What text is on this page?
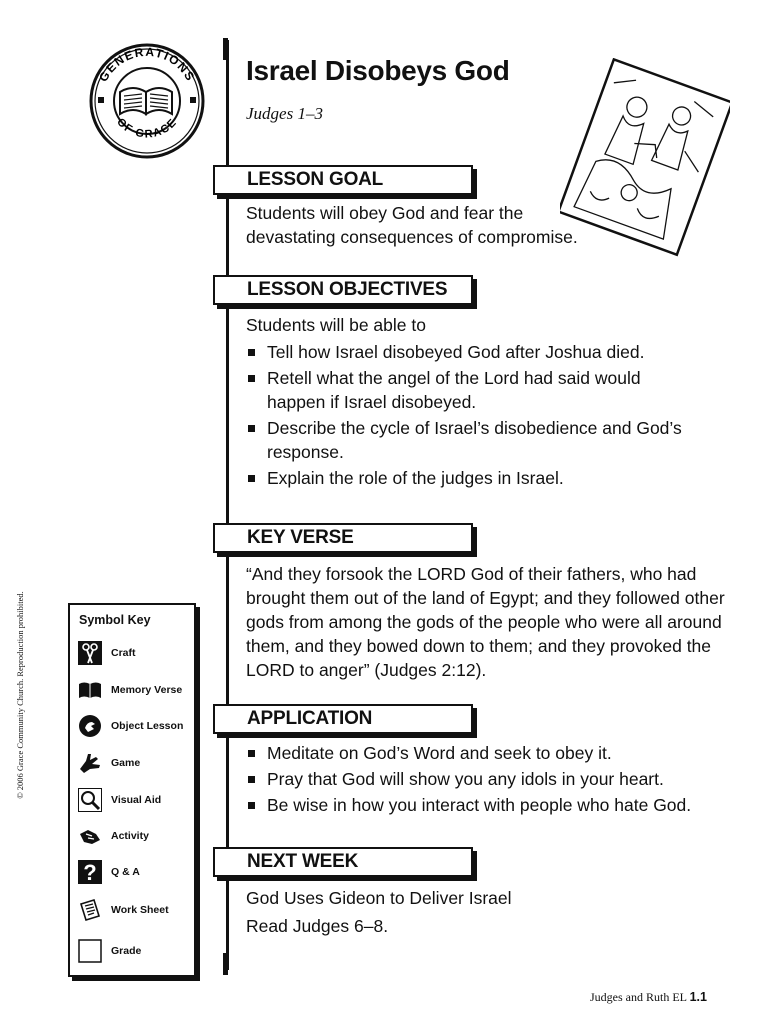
GENERATIONS
OF GRACE
Israel Disobeys God
Judges 1–3
LESSON GOAL
Students will obey God and fear the
devastating consequences of compromise.
LESSON OBJECTIVES
Students will be able to
Tell how Israel disobeyed God after Joshua died.
Retell what the angel of the Lord had said would happen if Israel disobeyed.
Describe the cycle of Israel’s disobedience and God’s response.
Explain the role of the judges in Israel.
KEY VERSE
“And they forsook the LORD God of their fathers, who had brought them out of the land of Egypt; and they followed other gods from among the gods of the people who were all around them, and they bowed down to them; and they provoked the LORD to anger” (Judges 2:12).
APPLICATION
Meditate on God’s Word and seek to obey it.
Pray that God will show you any idols in your heart.
Be wise in how you interact with people who hate God.
NEXT WEEK
God Uses Gideon to Deliver Israel
Read Judges 6–8.
© 2006 Grace Community Church. Reproduction prohibited.	Symbol Key
Craft
Memory Verse
Object Lesson
Game
Visual Aid
Activity
? Q & A
Work Sheet
Grade
Judges and Ruth EL 1.1
